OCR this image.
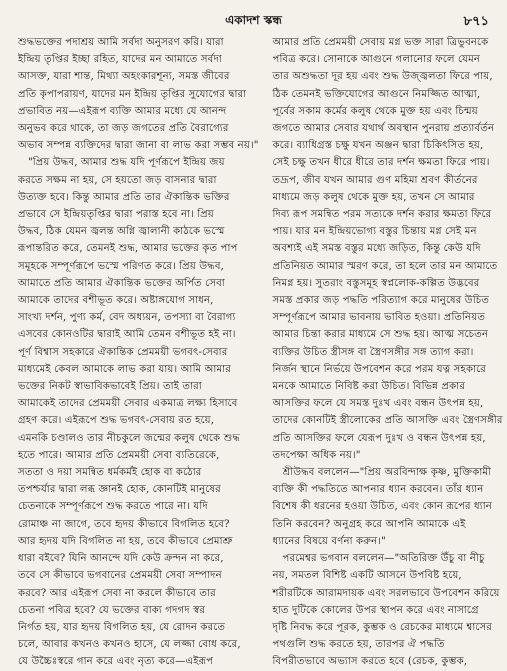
একাদশ স্কন্ধ	৮৭১
শুদ্ধভক্তের পদাশ্রয় আমি সর্বদা অনুসরণ করি। যারা
ইন্দ্রিয় তৃপ্তির ইচ্ছা রহিত, যাদের মন আমাতে সর্বদা
আসক্ত, যারা শান্ত, মিথ্যা অহংকারশূন্য, সমস্ত জীবের
প্রতি কৃপাপরায়ণ, যাদের মন ইন্দ্রিয় তৃপ্তির সুযোগের দ্বারা
প্রভাবিত নয়—এইরূপ ব্যক্তি আমার মধ্যে যে আনন্দ
অনুভব করে থাকে, তা জড় জগতের প্রতি বৈরাগ্যের
অভাব সম্পন্ন ব্যক্তিদের দ্বারা জানা বা লাভ করা সম্ভব নয়।"
"প্রিয় উদ্ধব, আমার শুদ্ধ যদি পূর্ণরূপে ইন্দ্রিয় জয়
করতে সক্ষম না হয়, সে হয়তো জড় বাসনার দ্বারা
উত্যক্ত হবে। কিন্তু আমার প্রতি তার ঐকান্তিক ভক্তির
প্রভাবে সে ইন্দ্রিয়তৃপ্তির দ্বারা পরাস্ত হবে না। প্রিয়
উদ্ধব, ঠিক যেমন জ্বলন্ত অগ্নি জ্বালানী কাঠকে ভস্মে
রূপান্তরিত করে, তেমনই শুদ্ধ, আমার ভক্তের কৃত পাপ
সমূহকে সম্পূর্ণরূপে ভস্মে পরিণত করে। প্রিয় উদ্ধব,
আমাতে প্রতি আমার ঐকান্তিক ভক্তের অর্পিত সেবা
আমাকে তাদের বশীভূত করে। অষ্টাঙ্গযোগ সাধন,
সাংখ্য দর্শন, পুণ্য কর্ম, বেদ অধ্যয়ন, তপস্যা বা বৈরাগ্য
এসবের কোনওটির দ্বারাই আমি তেমন বশীভূত হই না।
পূর্ণ বিশ্বাস সহকারে ঐকান্তিক প্রেমময়ী ভগবৎ-সেবার
মাধ্যমেই কেবল আমাকে লাভ করা যায়। আমি আমার
ভক্তের নিকট স্বাভাবিকভাবেই প্রিয়। তাই তারা
আমাকেই তাদের প্রেমময়ী সেবার একমাত্র লক্ষ্য হিসাবে
গ্রহণ করে। এইরূপে শুদ্ধ ভগবৎ-সেবায় রত হয়ে,
এমনকি চণ্ডালও তার নীচকুলে জন্মের কলুষ থেকে শুদ্ধ
হতে পারে। আমার প্রতি প্রেমময়ী সেবা ব্যতিরেকে,
সততা ও দয়া সমন্বিত ধর্মকর্মই হোক বা কঠোর
তপশ্চর্যার দ্বারা লব্ধ জ্ঞানই হোক, কোনটিই মানুষের
চেতনাকে সম্পূর্ণরূপে শুদ্ধ করতে পারে না। যদি
রোমাঞ্চ না জাগে, তবে হৃদয় কীভাবে বিগলিত হবে?
আর হৃদয় যদি বিগলিত না হয়, তবে কীভাবে প্রেমাশ্রু
ধারা বইবে? যিনি আনন্দে যদি কেউ ক্রন্দন না করে,
তবে সে কীভাবে ভগবানের প্রেমময়ী সেবা সম্পাদন
করবে? আর এইরূপ সেবা না করলে কীভাবে তার
চেতনা পবিত্র হবে? যে ভক্তের বাক্য গদগদ স্বর
নির্গত হয়, যার হৃদয় বিগলিত হয়, যে রোদন করতে
চলে, আবার কখনও কখনও হাসে, যে লজ্জা বোধ করে,
যে উচ্চৈঃস্বরে গান করে এবং নৃত্য করে—এইরূপ
আমার প্রতি প্রেমময়ী সেবায় মগ্ন ভক্ত সারা ত্রিভুবনকে
পবিত্র করে। সোনাকে আগুনে গলানোর ফলে যেমন
তার অশুদ্ধতা দূর হয় এবং শুদ্ধ উজ্জ্বলতা ফিরে পায়,
ঠিক তেমনই ভক্তিযোগের আগুনে নিমজ্জিত আত্মা,
পূর্বের সকাম কর্মের কলুষ থেকে মুক্ত হয় এবং চিন্ময়
জগতে আমার সেবার যথার্থ অবস্থান পুনরায় প্রত্যার্বর্তন
করে। ব্যাধিগ্রস্ত চক্ষু যখন অঞ্জন দ্বারা চিকিৎসিত হয়,
সেই চক্ষু তখন ধীরে ধীরে তার দর্শন ক্ষমতা ফিরে পায়।
তদ্রূপ, জীব যখন আমার গুণ মহিমা শ্রবণ কীর্তনের
মাধ্যমে জড় কলুষ থেকে মুক্ত হয়, তখন সে আমার
দিব্য রূপ সমন্বিত পরম সত্যকে দর্শন করার ক্ষমতা ফিরে
পায়। যার মন ইন্দ্রিয়ভোগ্য বস্তুর চিন্তায় মগ্ন সেই মন
অবশ্যই এই সমস্ত বস্তুর মধ্যে জড়িত, কিন্তু কেউ যদি
প্রতিনিয়ত আমার স্মরণ করে, তা হলে তার মন আমাতে
নিমগ্ন হয়। সুতরাং বস্তুসমূহ স্বপ্নলোক-কল্পিত উদ্ভবের
সমস্ত প্রকার জড় পদ্ধতি পরিত্যাগ করে মানুষের উচিত
সম্পূর্ণরূপে আমার ভাবনায় ভাবিত হওয়া। প্রতিনিয়ত
আমার চিন্তা করার মাধ্যমে সে শুদ্ধ হয়। আত্ম সচেতন
ব্যক্তির উচিত স্ত্রীসঙ্গ বা স্ত্রৈণসঙ্গীর সঙ্গ ত্যাগ করা।
নির্জন স্থানে নির্ভয়ে উপবেশন করে পরম যত্ন সহকারে
মনকে আমাতে নিবিষ্ট করা উচিত। বিভিন্ন প্রকার
আসক্তির ফলে যে সমস্ত দুঃখ এবং বন্ধন উৎপন্ন হয়,
তাদের কোনটিই স্ত্রীলোকের প্রতি আসক্তি এবং স্ত্রৈণসঙ্গীর
প্রতি আসক্তির ফলে যেরূপ দুঃখ ও বন্ধন উৎপন্ন হয়,
তদপেক্ষা অধিক নয়।"
শ্রীউদ্ধব বললেন—"প্রিয় অরবিন্দাক্ষ কৃষ্ণ, মুক্তিকামী
ব্যক্তি কী পদ্ধতিতে আপনার ধ্যান করবেন। তাঁর ধ্যান
বিশেষ কী ধরনের হওয়া উচিত, এবং কোন রূপের ধ্যান
তিনি করবেন? অনুগ্রহ করে আপনি আমাকে এই
ধ্যানের বিষয়ে বর্ণনা করুন।"
পরমেশ্বর ভগবান বললেন—"অতিরিক্ত উঁচু বা নীচু
নয়, সমতল বিশিষ্ট একটি আসনে উপবিষ্ট হয়ে,
শরীরটিকে আরামদায়ক এবং সরলভাবে উপবেশন করিয়ে
হাত দুটিকে কোলের উপর স্থাপন করে এবং নাসাগ্রে
দৃষ্টি নিবদ্ধ করে পূরক, কুম্ভক ও রেচকের মাধ্যমে শ্বাসের
পথগুলি শুদ্ধ করতে হয়, তারপর ঐ পদ্ধতি
বিপরীতভাবে অভ্যাস করতে হবে (রেচক, কুম্ভক,
